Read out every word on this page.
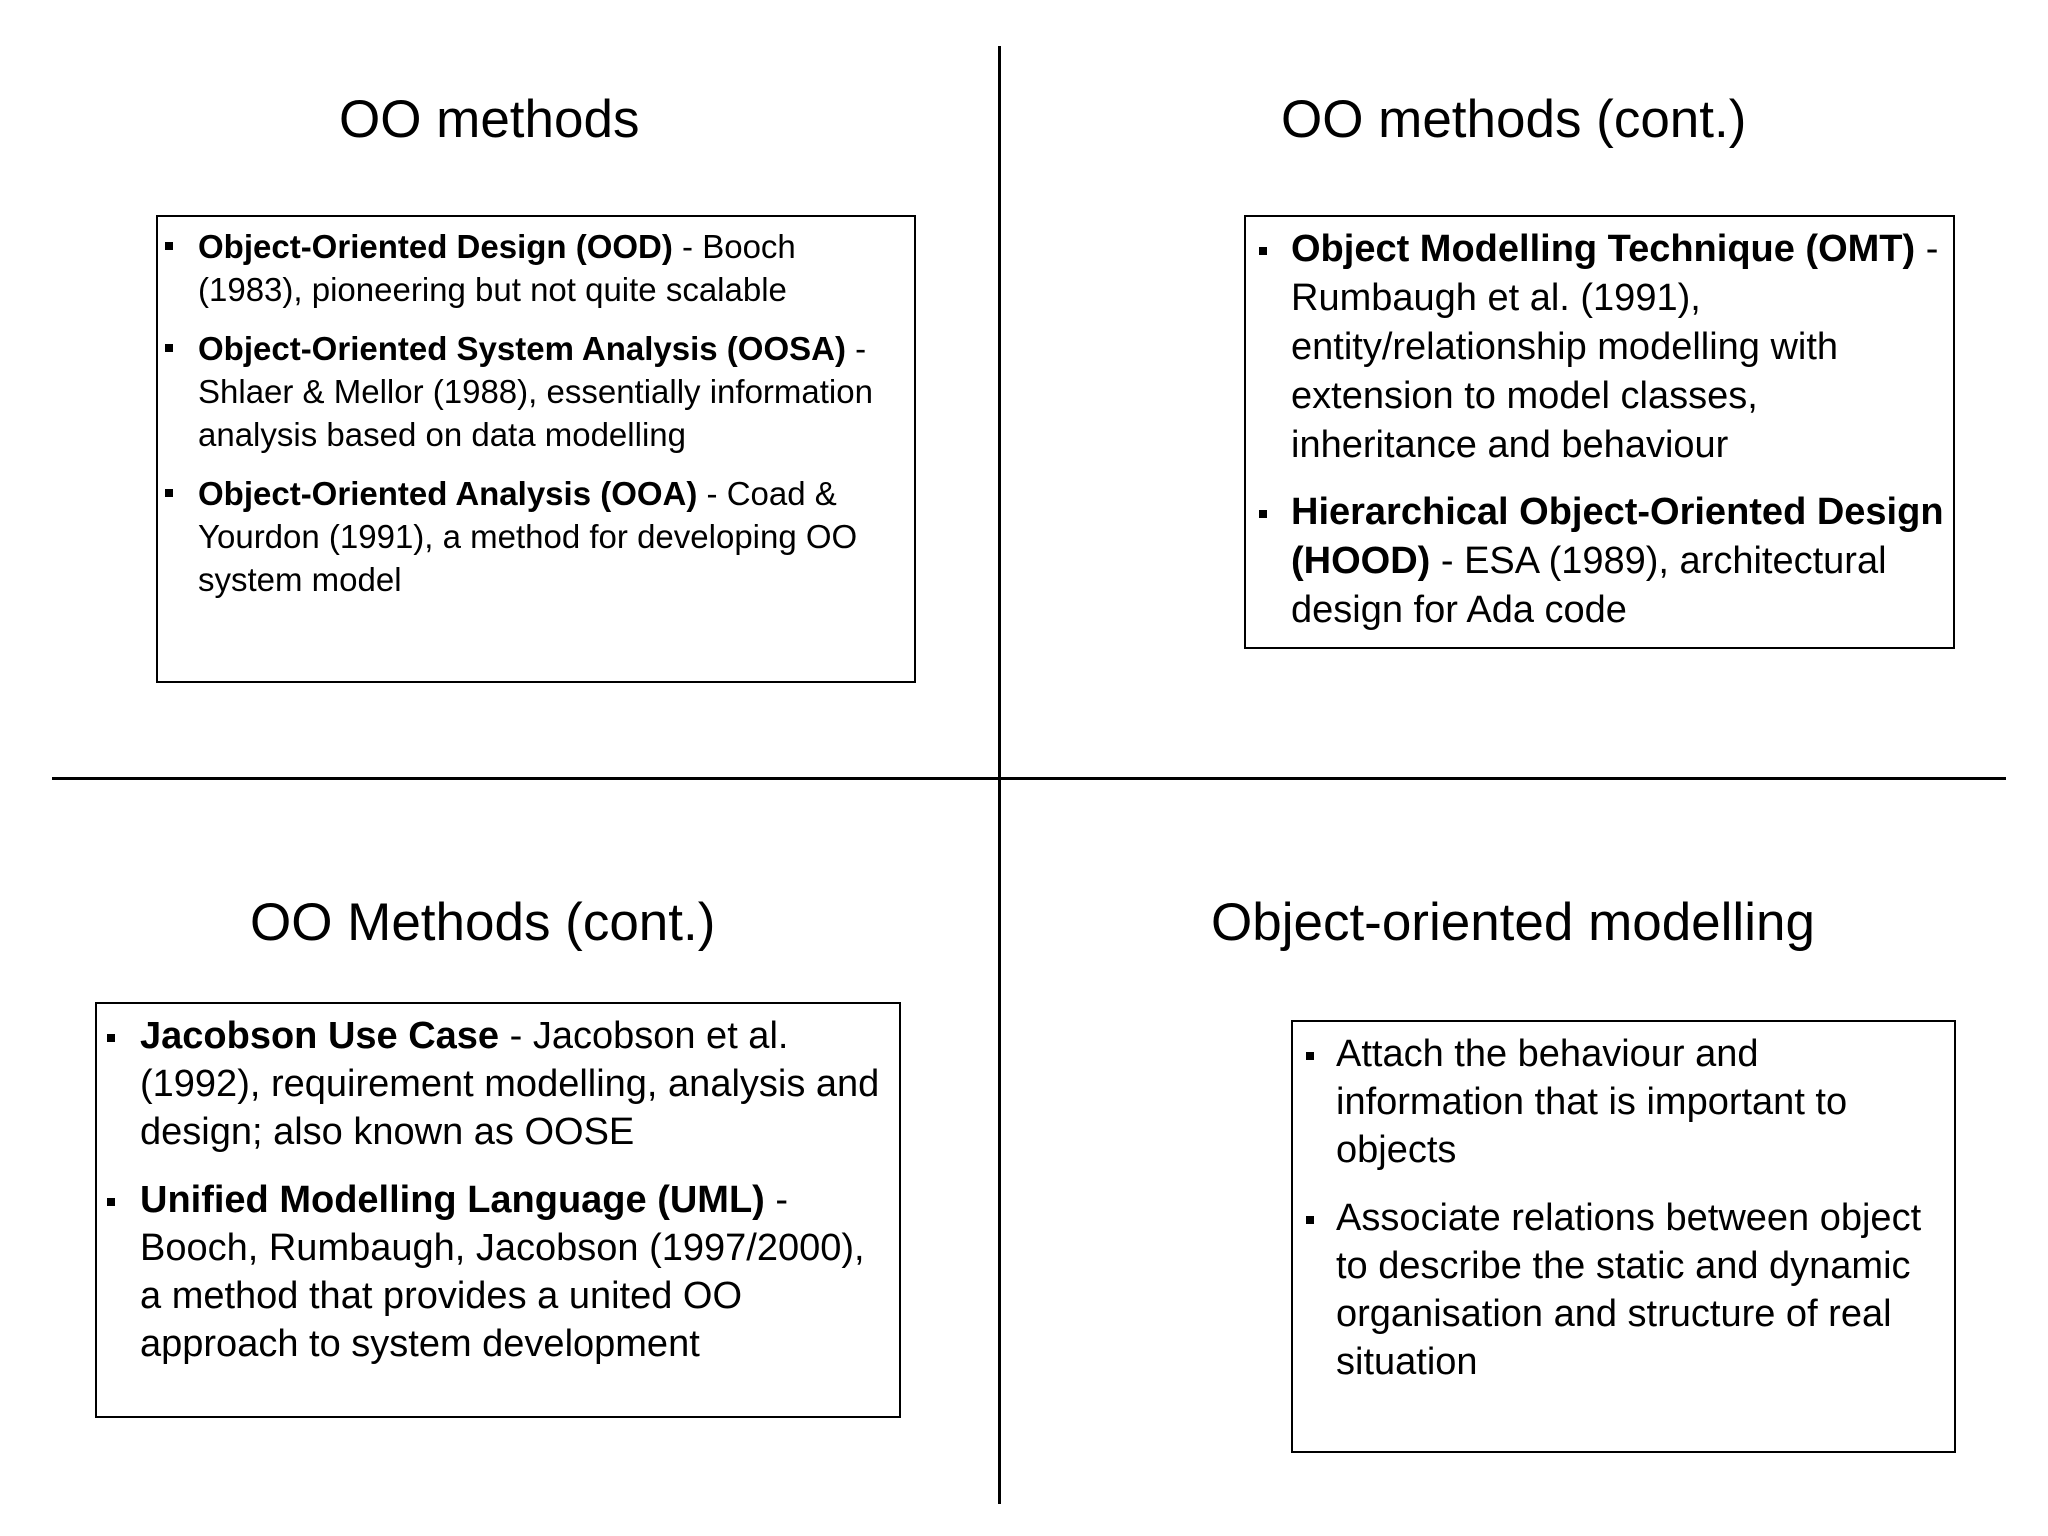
OO methods
Object-Oriented Design (OOD) - Booch (1983), pioneering but not quite scalable
Object-Oriented System Analysis (OOSA) - Shlaer & Mellor (1988), essentially information analysis based on data modelling
Object-Oriented Analysis (OOA) - Coad & Yourdon (1991), a method for developing OO system model
OO methods (cont.)
Object Modelling Technique (OMT) - Rumbaugh et al. (1991), entity/relationship modelling with extension to model classes, inheritance and behaviour
Hierarchical Object-Oriented Design (HOOD) - ESA (1989), architectural design for Ada code
OO Methods (cont.)
Jacobson Use Case - Jacobson et al. (1992), requirement modelling, analysis and design; also known as OOSE
Unified Modelling Language (UML) - Booch, Rumbaugh, Jacobson (1997/2000), a method that provides a united OO approach to system development
Object-oriented modelling
Attach the behaviour and information that is important to objects
Associate relations between object to describe the static and dynamic organisation and structure of real situation
